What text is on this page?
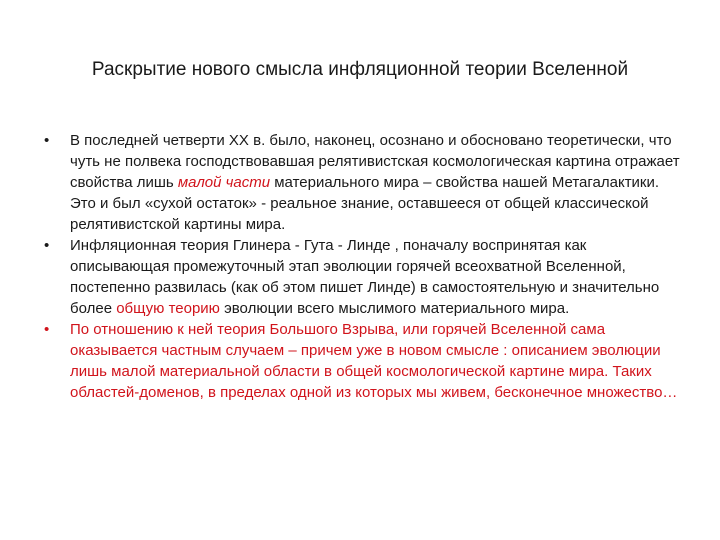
Раскрытие нового смысла инфляционной теории Вселенной
• В последней четверти XX в. было, наконец, осознано и обосновано теоретически, что чуть не полвека господствовавшая релятивистская космологическая картина отражает свойства лишь малой части материального мира – свойства нашей Метагалактики. Это и был «сухой остаток» - реальное знание, оставшееся от общей классической релятивистской картины мира.
• Инфляционная теория Глинера - Гута - Линде , поначалу воспринятая как описывающая промежуточный этап эволюции горячей всеохватной Вселенной, постепенно развилась (как об этом пишет Линде) в самостоятельную и значительно более общую теорию эволюции всего мыслимого материального мира.
• По отношению к ней теория Большого Взрыва, или горячей Вселенной сама оказывается частным случаем – причем уже в новом смысле : описанием эволюции лишь малой материальной области в общей космологической картине мира. Таких областей-доменов, в пределах одной из которых мы живем, бесконечное множество…
